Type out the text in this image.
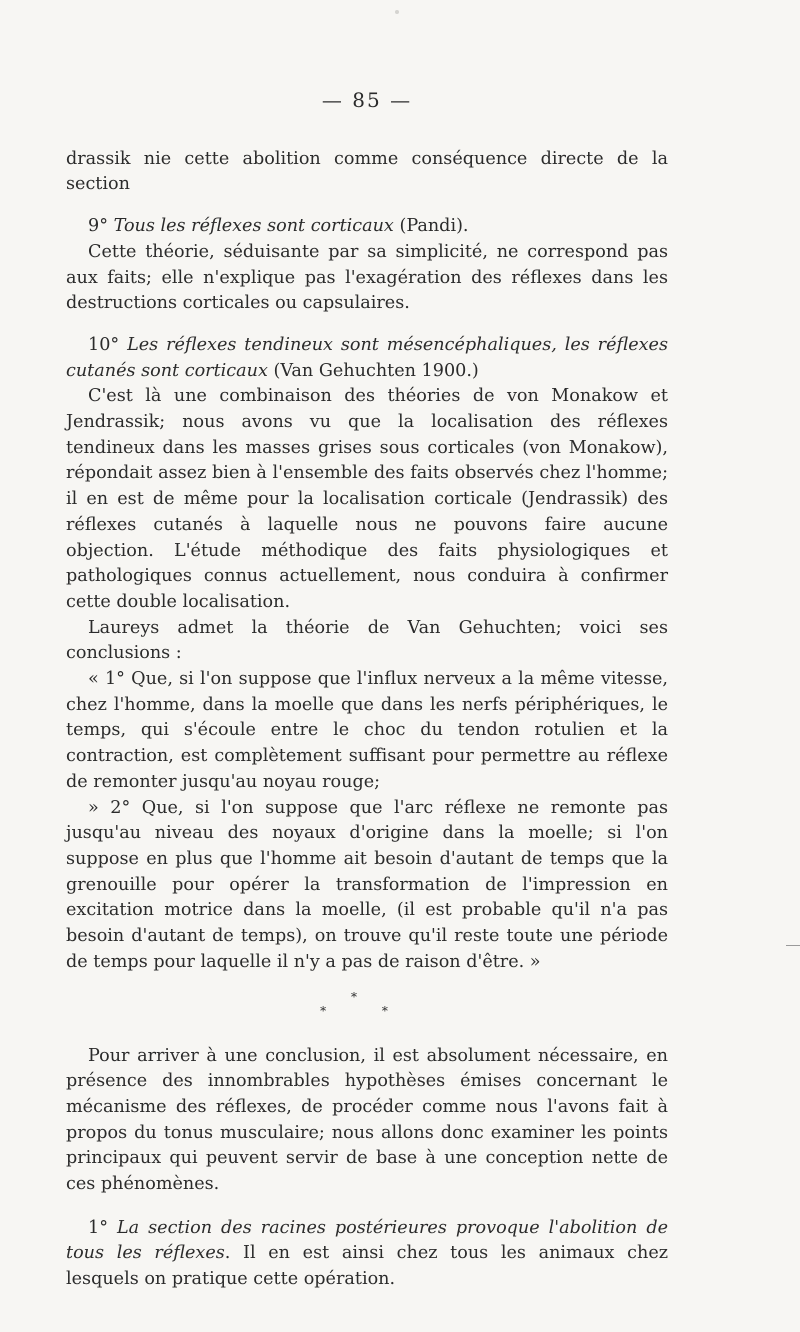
— 85 —

drassik nie cette abolition comme conséquence directe de la section

9° Tous les réflexes sont corticaux (Pandi).

Cette théorie, séduisante par sa simplicité, ne correspond pas aux faits; elle n'explique pas l'exagération des réflexes dans les destructions corticales ou capsulaires.

10° Les réflexes tendineux sont mésencéphaliques, les réflexes cutanés sont corticaux (Van Gehuchten 1900.)

C'est là une combinaison des théories de von Monakow et Jendrassik; nous avons vu que la localisation des réflexes tendineux dans les masses grises sous corticales (von Monakow), répondait assez bien à l'ensemble des faits observés chez l'homme; il en est de même pour la localisation corticale (Jendrassik) des réflexes cutanés à laquelle nous ne pouvons faire aucune objection. L'étude méthodique des faits physiologiques et pathologiques connus actuellement, nous conduira à confirmer cette double localisation.

Laureys admet la théorie de Van Gehuchten; voici ses conclusions :

« 1° Que, si l'on suppose que l'influx nerveux a la même vitesse, chez l'homme, dans la moelle que dans les nerfs périphériques, le temps, qui s'écoule entre le choc du tendon rotulien et la contraction, est complètement suffisant pour permettre au réflexe de remonter jusqu'au noyau rouge;

» 2° Que, si l'on suppose que l'arc réflexe ne remonte pas jusqu'au niveau des noyaux d'origine dans la moelle; si l'on suppose en plus que l'homme ait besoin d'autant de temps que la grenouille pour opérer la transformation de l'impression en excitation motrice dans la moelle, (il est probable qu'il n'a pas besoin d'autant de temps), on trouve qu'il reste toute une période de temps pour laquelle il n'y a pas de raison d'être. »

*
* *

Pour arriver à une conclusion, il est absolument nécessaire, en présence des innombrables hypothèses émises concernant le mécanisme des réflexes, de procéder comme nous l'avons fait à propos du tonus musculaire; nous allons donc examiner les points principaux qui peuvent servir de base à une conception nette de ces phénomènes.

1° La section des racines postérieures provoque l'abolition de tous les réflexes. Il en est ainsi chez tous les animaux chez lesquels on pratique cette opération.
